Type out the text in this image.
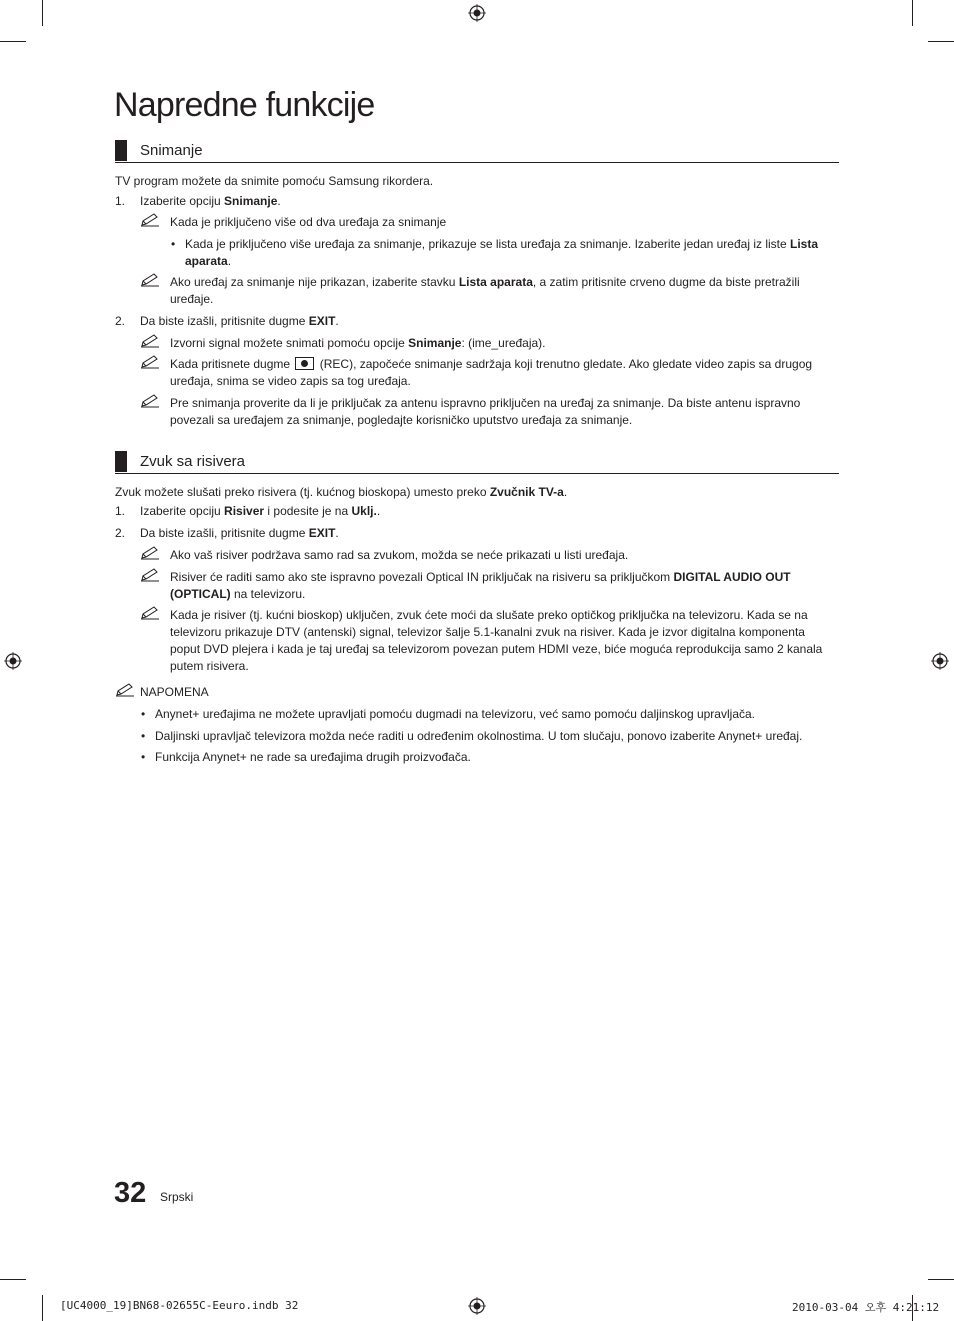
Napredne funkcije
Snimanje
TV program možete da snimite pomoću Samsung rikordera.
1. Izaberite opciju Snimanje.
Kada je priključeno više od dva uređaja za snimanje
• Kada je priključeno više uređaja za snimanje, prikazuje se lista uređaja za snimanje. Izaberite jedan uređaj iz liste Lista aparata.
Ako uređaj za snimanje nije prikazan, izaberite stavku Lista aparata, a zatim pritisnite crveno dugme da biste pretražili uređaje.
2. Da biste izašli, pritisnite dugme EXIT.
Izvorni signal možete snimati pomoću opcije Snimanje: (ime_uređaja).
Kada pritisnete dugme
(REC), započeće snimanje sadržaja koji trenutno gledate. Ako gledate video zapis sa drugog uređaja, snima se video zapis sa tog uređaja.
Pre snimanja proverite da li je priključak za antenu ispravno priključen na uređaj za snimanje. Da biste antenu ispravno povezali sa uređajem za snimanje, pogledajte korisničko uputstvo uređaja za snimanje.
Zvuk sa risivera
Zvuk možete slušati preko risivera (tj. kućnog bioskopa) umesto preko Zvučnik TV-a.
1. Izaberite opciju Risiver i podesite je na Uklj..
2. Da biste izašli, pritisnite dugme EXIT.
Ako vaš risiver podržava samo rad sa zvukom, možda se neće prikazati u listi uređaja.
Risiver će raditi samo ako ste ispravno povezali Optical IN priključak na risiveru sa priključkom DIGITAL AUDIO OUT (OPTICAL) na televizoru.
Kada je risiver (tj. kućni bioskop) uključen, zvuk ćete moći da slušate preko optičkog priključka na televizoru. Kada se na televizoru prikazuje DTV (antenski) signal, televizor šalje 5.1-kanalni zvuk na risiver. Kada je izvor digitalna komponenta poput DVD plejera i kada je taj uređaj sa televizorom povezan putem HDMI veze, biće moguća reprodukcija samo 2 kanala putem risivera.
NAPOMENA
• Anynet+ uređajima ne možete upravljati pomoću dugmadi na televizoru, već samo pomoću daljinskog upravljača.
• Daljinski upravljač televizora možda neće raditi u određenim okolnostima. U tom slučaju, ponovo izaberite Anynet+ uređaj.
• Funkcija Anynet+ ne rade sa uređajima drugih proizvođača.
32 Srpski
[UC4000_19]BN68-02655C-Eeuro.indb 32	2010-03-04 오후 4:21:12
